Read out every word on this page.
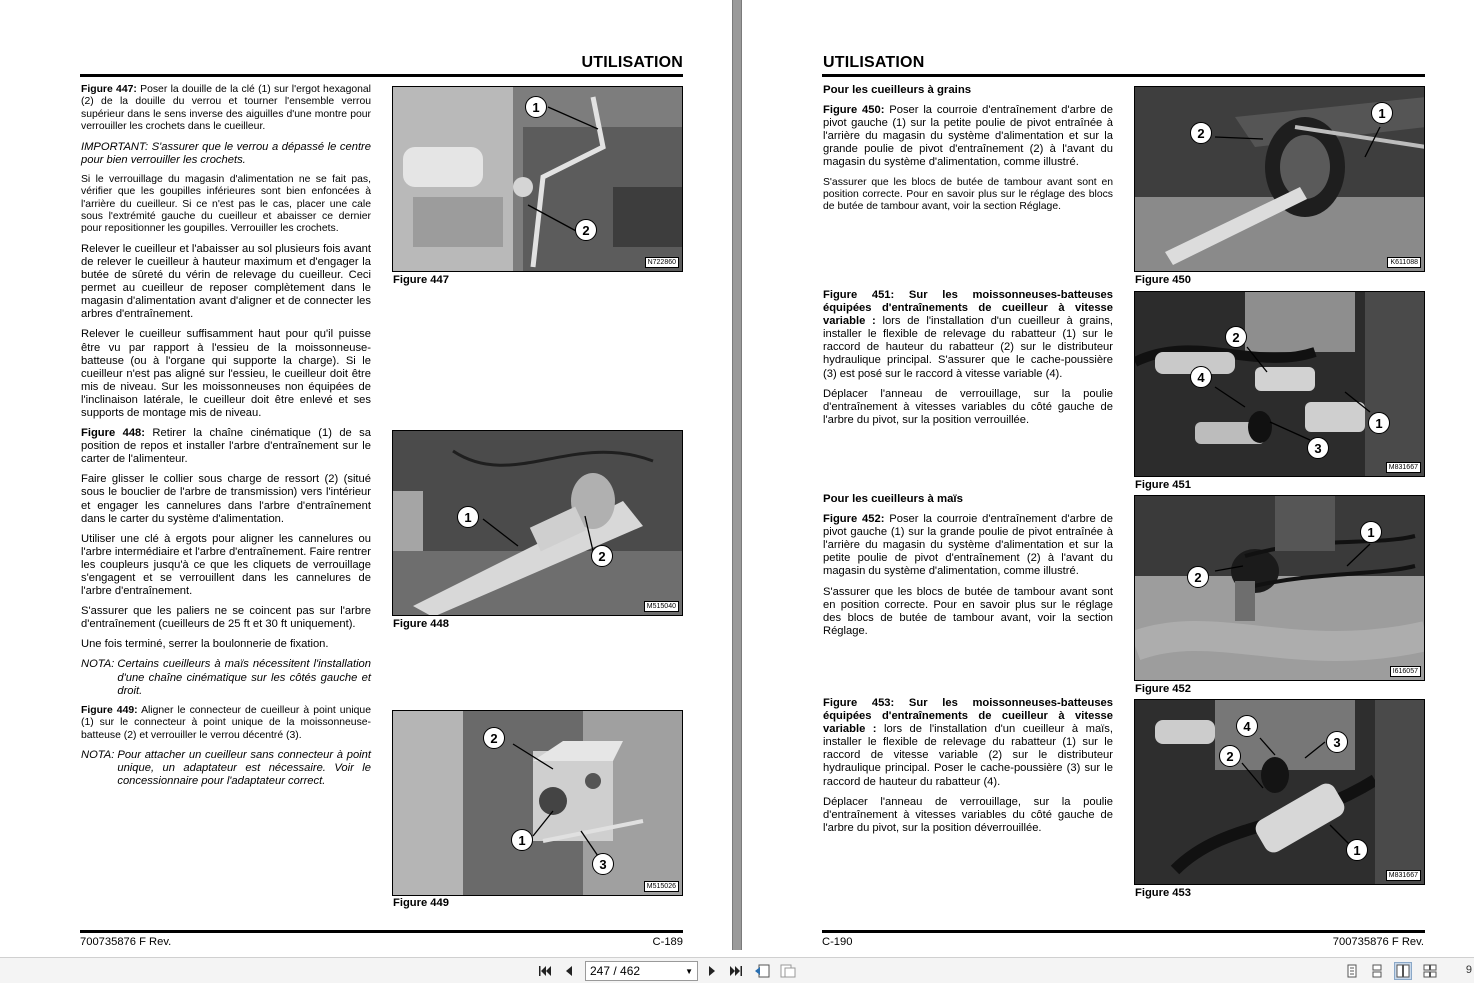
UTILISATION

Figure 447: Poser la douille de la clé (1) sur l'ergot hexagonal (2) de la douille du verrou et tourner l'ensemble verrou supérieur dans le sens inverse des aiguilles d'une montre pour verrouiller les crochets dans le cueilleur.

IMPORTANT: S'assurer que le verrou a dépassé le centre pour bien verrouiller les crochets.

Si le verrouillage du magasin d'alimentation ne se fait pas, vérifier que les goupilles inférieures sont bien enfoncées à l'arrière du cueilleur. Si ce n'est pas le cas, placer une cale sous l'extrémité gauche du cueilleur et abaisser ce dernier pour repositionner les goupilles. Verrouiller les crochets.

Relever le cueilleur et l'abaisser au sol plusieurs fois avant de relever le cueilleur à hauteur maximum et d'engager la butée de sûreté du vérin de relevage du cueilleur. Ceci permet au cueilleur de reposer complètement dans le magasin d'alimentation avant d'aligner et de connecter les arbres d'entraînement.

Relever le cueilleur suffisamment haut pour qu'il puisse être vu par rapport à l'essieu de la moissonneuse-batteuse (ou à l'organe qui supporte la charge). Si le cueilleur n'est pas aligné sur l'essieu, le cueilleur doit être mis de niveau. Sur les moissonneuses non équipées de l'inclinaison latérale, le cueilleur doit être enlevé et ses supports de montage mis de niveau.

Figure 448: Retirer la chaîne cinématique (1) de sa position de repos et installer l'arbre d'entraînement sur le carter de l'alimenteur.

Faire glisser le collier sous charge de ressort (2) (situé sous le bouclier de l'arbre de transmission) vers l'intérieur et engager les cannelures dans l'arbre d'entraînement dans le carter du système d'alimentation.

Utiliser une clé à ergots pour aligner les cannelures ou l'arbre intermédiaire et l'arbre d'entraînement. Faire rentrer les coupleurs jusqu'à ce que les cliquets de verrouillage s'engagent et se verrouillent dans les cannelures de l'arbre d'entraînement.

S'assurer que les paliers ne se coincent pas sur l'arbre d'entraînement (cueilleurs de 25 ft et 30 ft uniquement).

Une fois terminé, serrer la boulonnerie de fixation.

NOTA: Certains cueilleurs à maïs nécessitent l'installation d'une chaîne cinématique sur les côtés gauche et droit.

Figure 449: Aligner le connecteur de cueilleur à point unique (1) sur le connecteur à point unique de la moissonneuse-batteuse (2) et verrouiller le verrou décentré (3).

NOTA: Pour attacher un cueilleur sans connecteur à point unique, un adaptateur est nécessaire. Voir le concessionnaire pour l'adaptateur correct.
1
2
N722860
Figure 447
1
2
M515040
Figure 448
2
1
3
M515026
Figure 449
700735876 F Rev.	C-189
UTILISATION
Pour les cueilleurs à grains

Figure 450: Poser la courroie d'entraînement d'arbre de pivot gauche (1) sur la petite poulie de pivot entraînée à l'arrière du magasin du système d'alimentation et sur la grande poulie de pivot d'entraînement (2) à l'avant du magasin du système d'alimentation, comme illustré.

S'assurer que les blocs de butée de tambour avant sont en position correcte. Pour en savoir plus sur le réglage des blocs de butée de tambour avant, voir la section Réglage.

Figure 451: Sur les moissonneuses-batteuses équipées d'entraînements de cueilleur à vitesse variable : lors de l'installation d'un cueilleur à grains, installer le flexible de relevage du rabatteur (1) sur le raccord de hauteur du rabatteur (2) sur le distributeur hydraulique principal. S'assurer que le cache-poussière (3) est posé sur le raccord à vitesse variable (4).

Déplacer l'anneau de verrouillage, sur la poulie d'entraînement à vitesses variables du côté gauche de l'arbre du pivot, sur la position verrouillée.

Pour les cueilleurs à maïs

Figure 452: Poser la courroie d'entraînement d'arbre de pivot gauche (1) sur la grande poulie de pivot entraînée à l'arrière du magasin du système d'alimentation et sur la petite poulie de pivot d'entraînement (2) à l'avant du magasin du système d'alimentation, comme illustré.

S'assurer que les blocs de butée de tambour avant sont en position correcte. Pour en savoir plus sur le réglage des blocs de butée de tambour avant, voir la section Réglage.

Figure 453: Sur les moissonneuses-batteuses équipées d'entraînements de cueilleur à vitesse variable : lors de l'installation d'un cueilleur à maïs, installer le flexible de relevage du rabatteur (1) sur le raccord de vitesse variable (2) sur le distributeur hydraulique principal. Poser le cache-poussière (3) sur le raccord de hauteur du rabatteur (4).

Déplacer l'anneau de verrouillage, sur la poulie d'entraînement à vitesses variables du côté gauche de l'arbre du pivot, sur la position déverrouillée.

1
2
K611088
Figure 450
2
4
1
3
M831667
Figure 451
1
2
I616057
Figure 452
4
3
2
1
M831667
Figure 453
C-190	700735876 F Rev.
247 / 462	▼	9
